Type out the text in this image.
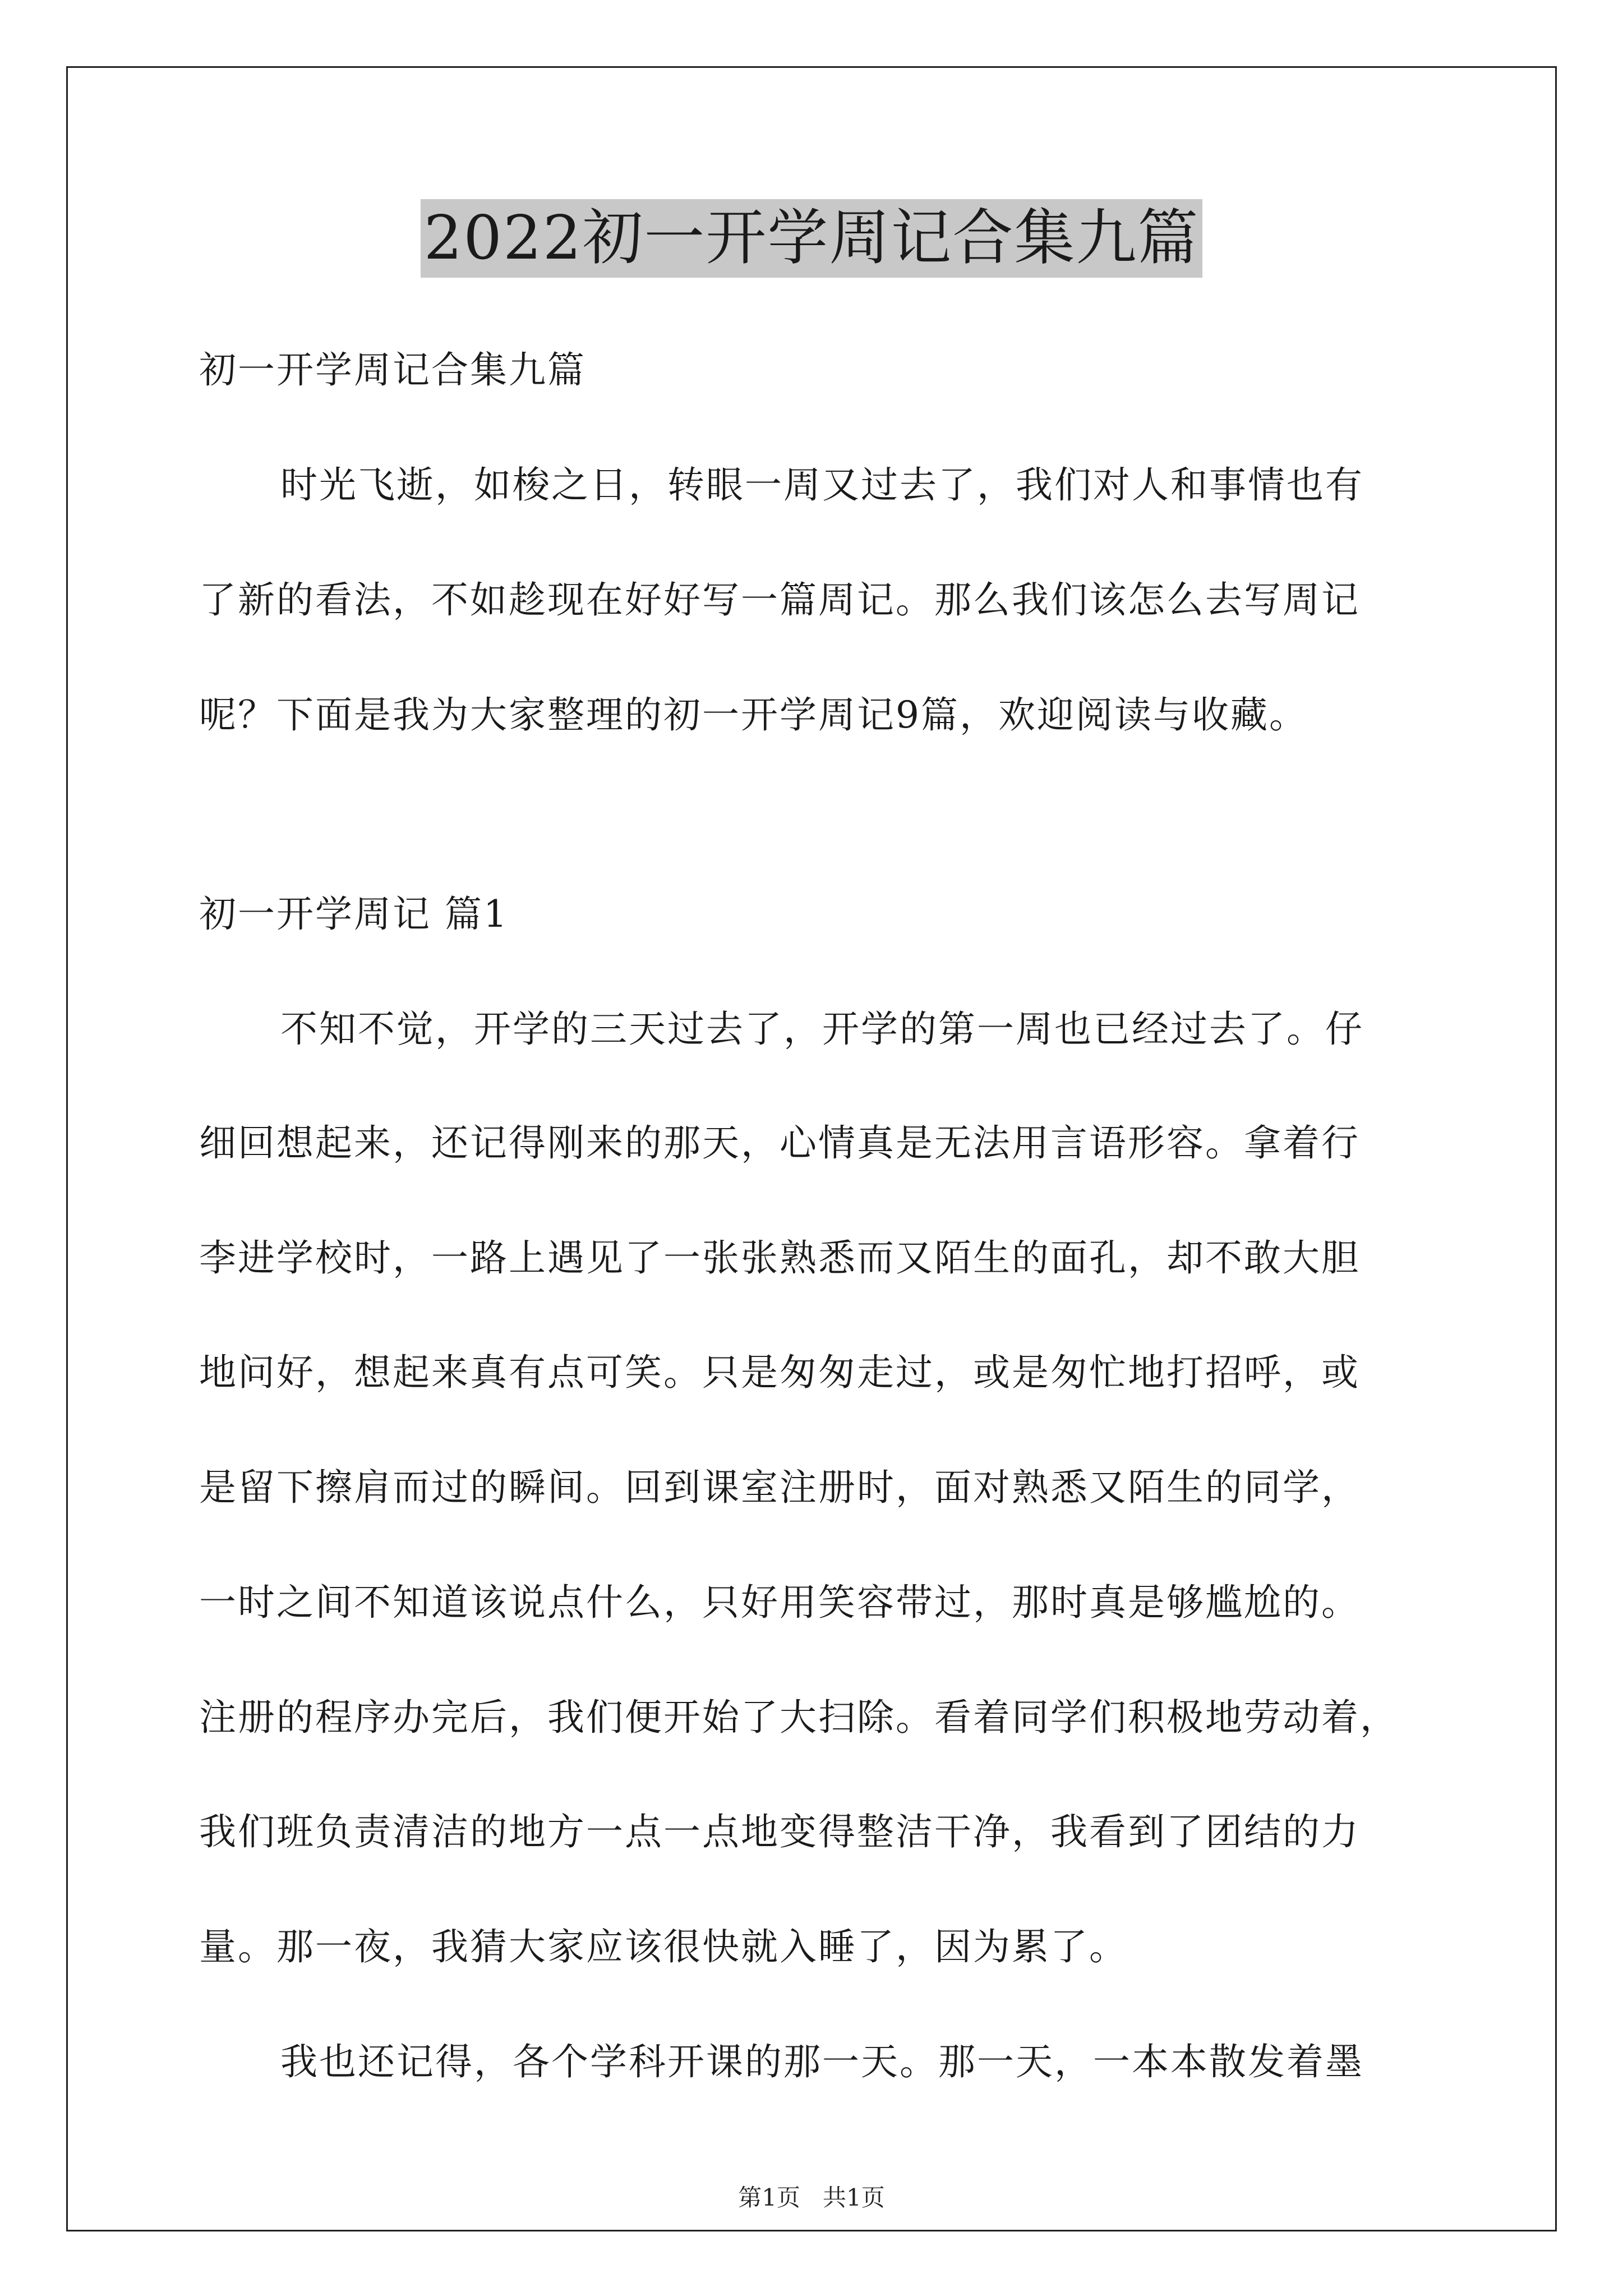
2022初一开学周记合集九篇

初一开学周记合集九篇

时光飞逝，如梭之日，转眼一周又过去了，我们对人和事情也有

了新的看法，不如趁现在好好写一篇周记。那么我们该怎么去写周记

呢？下面是我为大家整理的初一开学周记9篇，欢迎阅读与收藏。

初一开学周记 篇1

不知不觉，开学的三天过去了，开学的第一周也已经过去了。仔

细回想起来，还记得刚来的那天，心情真是无法用言语形容。拿着行

李进学校时，一路上遇见了一张张熟悉而又陌生的面孔，却不敢大胆

地问好，想起来真有点可笑。只是匆匆走过，或是匆忙地打招呼，或

是留下擦肩而过的瞬间。回到课室注册时，面对熟悉又陌生的同学，

一时之间不知道该说点什么，只好用笑容带过，那时真是够尴尬的。

注册的程序办完后，我们便开始了大扫除。看着同学们积极地劳动着，

我们班负责清洁的地方一点一点地变得整洁干净，我看到了团结的力

量。那一夜，我猜大家应该很快就入睡了，因为累了。

我也还记得，各个学科开课的那一天。那一天，一本本散发着墨

第1页   共1页
